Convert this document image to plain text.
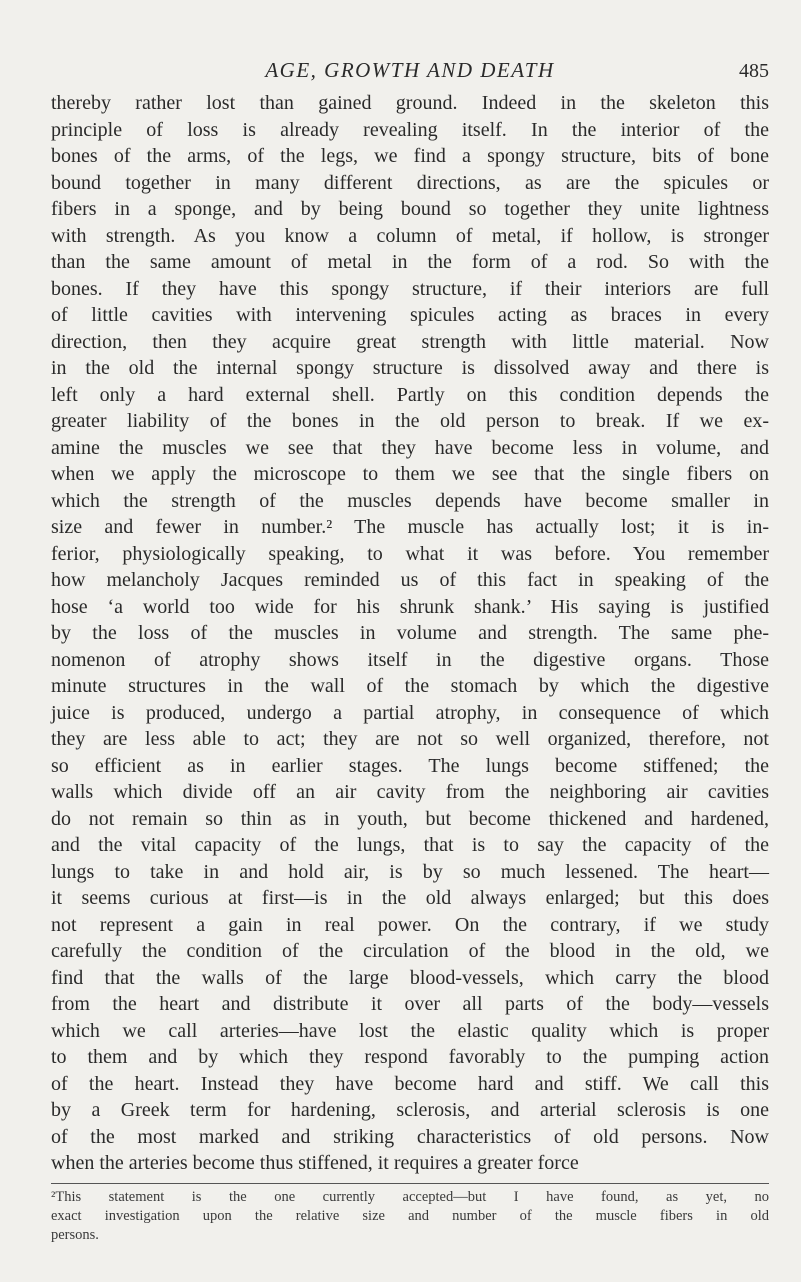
AGE, GROWTH AND DEATH	485
thereby rather lost than gained ground. Indeed in the skeleton this
principle of loss is already revealing itself. In the interior of the
bones of the arms, of the legs, we find a spongy structure, bits of bone
bound together in many different directions, as are the spicules or
fibers in a sponge, and by being bound so together they unite lightness
with strength. As you know a column of metal, if hollow, is stronger
than the same amount of metal in the form of a rod. So with the
bones. If they have this spongy structure, if their interiors are full
of little cavities with intervening spicules acting as braces in every
direction, then they acquire great strength with little material. Now
in the old the internal spongy structure is dissolved away and there is
left only a hard external shell. Partly on this condition depends the
greater liability of the bones in the old person to break. If we ex-
amine the muscles we see that they have become less in volume, and
when we apply the microscope to them we see that the single fibers on
which the strength of the muscles depends have become smaller in
size and fewer in number.² The muscle has actually lost; it is in-
ferior, physiologically speaking, to what it was before. You remember
how melancholy Jacques reminded us of this fact in speaking of the
hose ‘a world too wide for his shrunk shank.’ His saying is justified
by the loss of the muscles in volume and strength. The same phe-
nomenon of atrophy shows itself in the digestive organs. Those
minute structures in the wall of the stomach by which the digestive
juice is produced, undergo a partial atrophy, in consequence of which
they are less able to act; they are not so well organized, therefore, not
so efficient as in earlier stages. The lungs become stiffened; the
walls which divide off an air cavity from the neighboring air cavities
do not remain so thin as in youth, but become thickened and hardened,
and the vital capacity of the lungs, that is to say the capacity of the
lungs to take in and hold air, is by so much lessened. The heart—
it seems curious at first—is in the old always enlarged; but this does
not represent a gain in real power. On the contrary, if we study
carefully the condition of the circulation of the blood in the old, we
find that the walls of the large blood-vessels, which carry the blood
from the heart and distribute it over all parts of the body—vessels
which we call arteries—have lost the elastic quality which is proper
to them and by which they respond favorably to the pumping action
of the heart. Instead they have become hard and stiff. We call this
by a Greek term for hardening, sclerosis, and arterial sclerosis is one
of the most marked and striking characteristics of old persons. Now
when the arteries become thus stiffened, it requires a greater force
²This statement is the one currently accepted—but I have found, as yet, no
exact investigation upon the relative size and number of the muscle fibers in old
persons.
